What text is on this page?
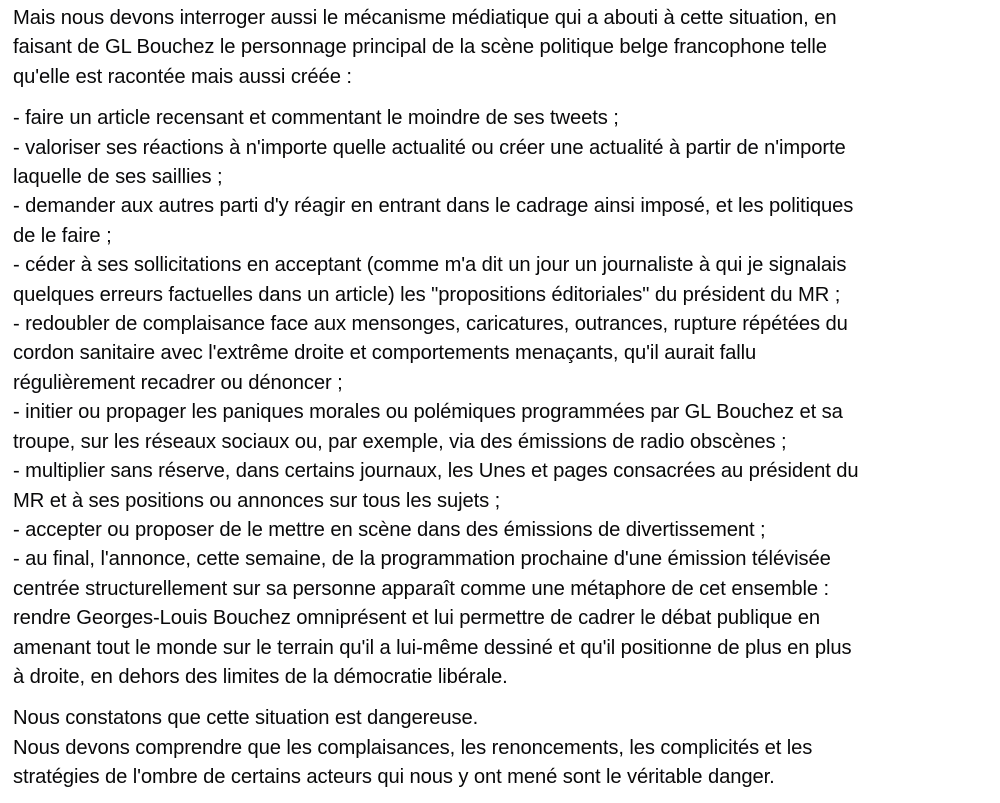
Mais nous devons interroger aussi le mécanisme médiatique qui a abouti à cette situation, en
faisant de GL Bouchez le personnage principal de la scène politique belge francophone telle
qu'elle est racontée mais aussi créée :

- faire un article recensant et commentant le moindre de ses tweets ;
- valoriser ses réactions à n'importe quelle actualité ou créer une actualité à partir de n'importe
laquelle de ses saillies ;
- demander aux autres parti d'y réagir en entrant dans le cadrage ainsi imposé, et les politiques
de le faire ;
- céder à ses sollicitations en acceptant (comme m'a dit un jour un journaliste à qui je signalais
quelques erreurs factuelles dans un article) les "propositions éditoriales" du président du MR ;
- redoubler de complaisance face aux mensonges, caricatures, outrances, rupture répétées du
cordon sanitaire avec l'extrême droite et comportements menaçants, qu'il aurait fallu
régulièrement recadrer ou dénoncer ;
- initier ou propager les paniques morales ou polémiques programmées par GL Bouchez et sa
troupe, sur les réseaux sociaux ou, par exemple, via des émissions de radio obscènes ;
- multiplier sans réserve, dans certains journaux, les Unes et pages consacrées au président du
MR et à ses positions ou annonces sur tous les sujets ;
- accepter ou proposer de le mettre en scène dans des émissions de divertissement ;
- au final, l'annonce, cette semaine, de la programmation prochaine d'une émission télévisée
centrée structurellement sur sa personne apparaît comme une métaphore de cet ensemble :
rendre Georges-Louis Bouchez omniprésent et lui permettre de cadrer le débat publique en
amenant tout le monde sur le terrain qu'il a lui-même dessiné et qu'il positionne de plus en plus
à droite, en dehors des limites de la démocratie libérale.

Nous constatons que cette situation est dangereuse.
Nous devons comprendre que les complaisances, les renoncements, les complicités et les
stratégies de l'ombre de certains acteurs qui nous y ont mené sont le véritable danger.
